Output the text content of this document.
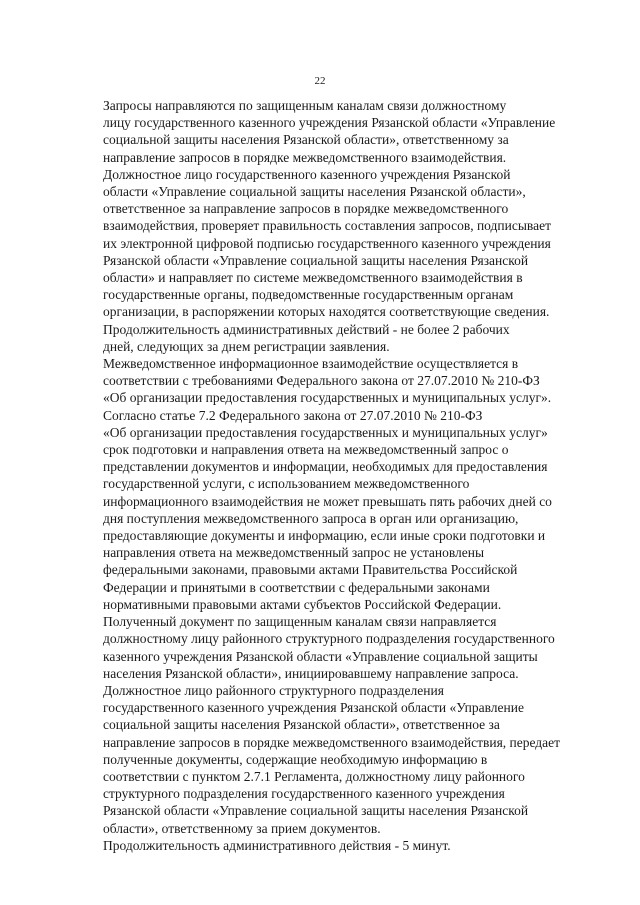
22

Запросы направляются по защищенным каналам связи должностному
лицу государственного казенного учреждения Рязанской области «Управление
социальной защиты населения Рязанской области», ответственному за
направление запросов в порядке межведомственного взаимодействия.

Должностное лицо государственного казенного учреждения Рязанской
области «Управление социальной защиты населения Рязанской области»,
ответственное за направление запросов в порядке межведомственного
взаимодействия, проверяет правильность составления запросов, подписывает
их электронной цифровой подписью государственного казенного учреждения
Рязанской области «Управление социальной защиты населения Рязанской
области» и направляет по системе межведомственного взаимодействия в
государственные органы, подведомственные государственным органам
организации, в распоряжении которых находятся соответствующие сведения.

Продолжительность административных действий - не более 2 рабочих
дней, следующих за днем регистрации заявления.

Межведомственное информационное взаимодействие осуществляется в
соответствии с требованиями Федерального закона от 27.07.2010 № 210-ФЗ
«Об организации предоставления государственных и муниципальных услуг».

Согласно статье 7.2 Федерального закона от 27.07.2010 № 210-ФЗ
«Об организации предоставления государственных и муниципальных услуг»
срок подготовки и направления ответа на межведомственный запрос о
представлении документов и информации, необходимых для предоставления
государственной услуги, с использованием межведомственного
информационного взаимодействия не может превышать пять рабочих дней со
дня поступления межведомственного запроса в орган или организацию,
предоставляющие документы и информацию, если иные сроки подготовки и
направления ответа на межведомственный запрос не установлены
федеральными законами, правовыми актами Правительства Российской
Федерации и принятыми в соответствии с федеральными законами
нормативными правовыми актами субъектов Российской Федерации.

Полученный документ по защищенным каналам связи направляется
должностному лицу районного структурного подразделения государственного
казенного учреждения Рязанской области «Управление социальной защиты
населения Рязанской области», инициировавшему направление запроса.

Должностное лицо районного структурного подразделения
государственного казенного учреждения Рязанской области «Управление
социальной защиты населения Рязанской области», ответственное за
направление запросов в порядке межведомственного взаимодействия, передает
полученные документы, содержащие необходимую информацию в
соответствии с пунктом 2.7.1 Регламента, должностному лицу районного
структурного подразделения государственного казенного учреждения
Рязанской области «Управление социальной защиты населения Рязанской
области», ответственному за прием документов.

Продолжительность административного действия - 5 минут.
